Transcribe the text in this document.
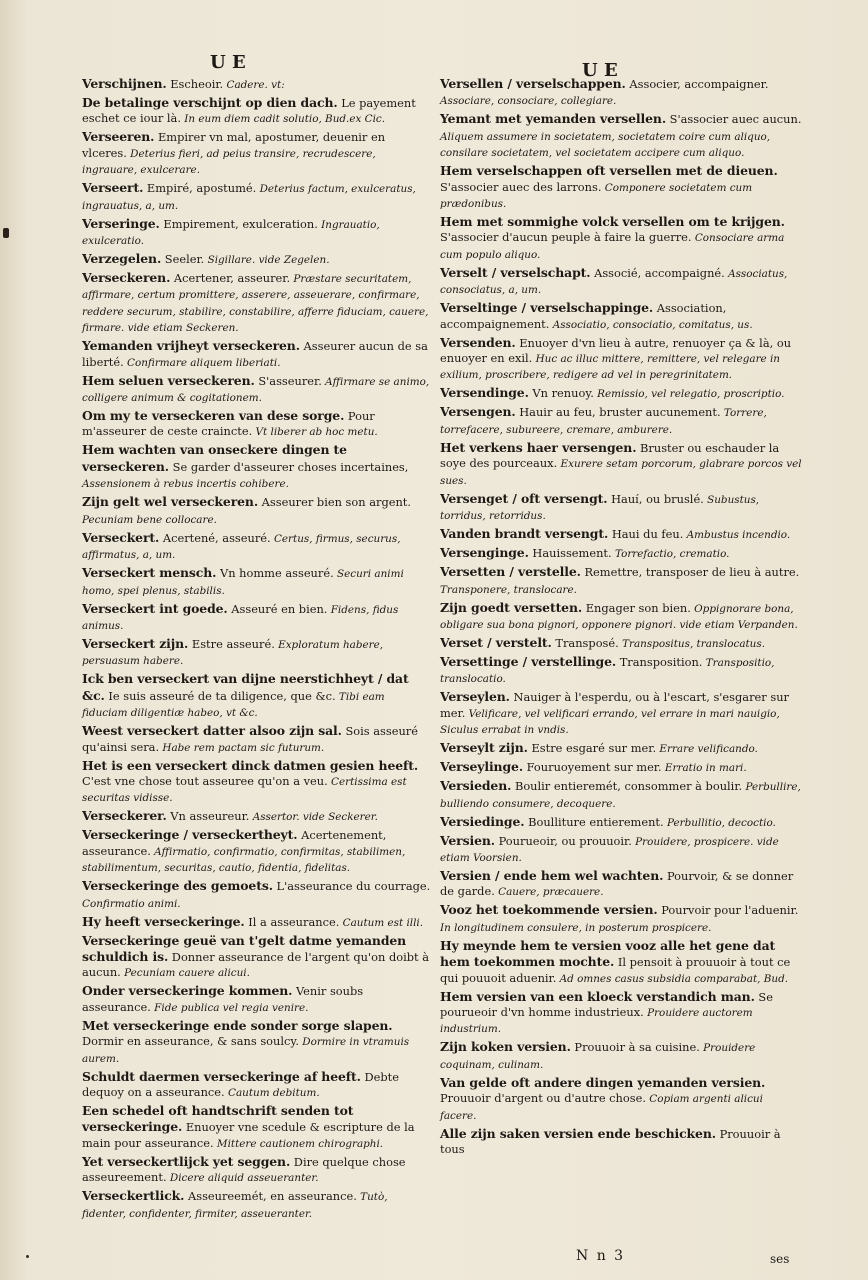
U E	U E

Verschijnen. Escheoir. Cadere. vt:

De betalinge verschijnt op dien dach. Le payement eschet ce iour là. In eum diem cadit solutio, Bud.ex Cic.

Verseeren. Empirer vn mal, apostumer, deuenir en vlceres. Deterius fieri, ad peius transire, recrudescere, ingrauare, exulcerare.

Verseert. Empiré, apostumé. Deterius factum, exulceratus, ingrauatus, a, um.

Verseringe. Empirement, exulceration. Ingrauatio, exulceratio.

Verzegelen. Seeler. Sigillare. vide Zegelen.

Verseckeren. Acertener, asseurer. Præstare securitatem, affirmare, certum promittere, asserere, asseuerare, confirmare, reddere securum, stabilire, constabilire, afferre fiduciam, cauere, firmare. vide etiam Seckeren.

Yemanden vrijheyt verseckeren. Asseurer aucun de sa liberté. Confirmare aliquem liberiati.

Hem seluen verseckeren. S'asseurer. Affirmare se animo, colligere animum & cogitationem.

Om my te verseckeren van dese sorge. Pour m'asseurer de ceste craincte. Vt liberer ab hoc metu.

Hem wachten van onseckere dingen te verseckeren. Se garder d'asseurer choses incertaines, Assensionem à rebus incertis cohibere.

Zijn gelt wel verseckeren. Asseurer bien son argent. Pecuniam bene collocare.

Verseckert. Acertené, asseuré. Certus, firmus, securus, affirmatus, a, um.

Verseckert mensch. Vn homme asseuré. Securi animi homo, spei plenus, stabilis.

Verseckert int goede. Asseuré en bien. Fidens, fidus animus.

Verseckert zijn. Estre asseuré. Exploratum habere, persuasum habere.

Ick ben verseckert van dijne neerstichheyt / dat &c. Ie suis asseuré de ta diligence, que &c. Tibi eam fiduciam diligentiæ habeo, vt &c.

Weest verseckert datter alsoo zijn sal. Sois asseuré qu'ainsi sera. Habe rem pactam sic futurum.

Het is een verseckert dinck datmen gesien heeft. C'est vne chose tout asseuree qu'on a veu. Certissima est securitas vidisse.

Verseckerer. Vn asseureur. Assertor. vide Seckerer.

Verseckeringe / verseckertheyt. Acertenement, asseurance. Affirmatio, confirmatio, confirmitas, stabilimen, stabilimentum, securitas, cautio, fidentia, fidelitas.

Verseckeringe des gemoets. L'asseurance du courrage. Confirmatio animi.

Hy heeft verseckeringe. Il a asseurance. Cautum est illi.

Verseckeringe geuë van t'gelt datme yemanden schuldich is. Donner asseurance de l'argent qu'on doibt à aucun. Pecuniam cauere alicui.

Onder verseckeringe kommen. Venir soubs asseurance. Fide publica vel regia venire.

Met verseckeringe ende sonder sorge slapen. Dormir en asseurance, & sans soulcy. Dormire in vtramuis aurem.

Schuldt daermen verseckeringe af heeft. Debte dequoy on a asseurance. Cautum debitum.

Een schedel oft handtschrift senden tot verseckeringe. Enuoyer vne scedule & escripture de la main pour asseurance. Mittere cautionem chirographi.

Yet verseckertlijck yet seggen. Dire quelque chose asseureement. Dicere aliquid asseueranter.

Verseckertlick. Asseureemét, en asseurance. Tutò, fidenter, confidenter, firmiter, asseueranter.

Versellen / verselschappen. Associer, accompaigner. Associare, consociare, collegiare.

Yemant met yemanden versellen. S'associer auec aucun. Aliquem assumere in societatem, societatem coire cum aliquo, consilare societatem, vel societatem accipere cum aliquo.

Hem verselschappen oft versellen met de dieuen. S'associer auec des larrons. Componere societatem cum prædonibus.

Hem met sommighe volck versellen om te krijgen. S'associer d'aucun peuple à faire la guerre. Consociare arma cum populo aliquo.

Verselt / verselschapt. Associé, accompaigné. Associatus, consociatus, a, um.

Verseltinge / verselschappinge. Association, accompaignement. Associatio, consociatio, comitatus, us.

Versenden. Enuoyer d'vn lieu à autre, renuoyer ça & là, ou enuoyer en exil. Huc ac illuc mittere, remittere, vel relegare in exilium, proscribere, redigere ad vel in peregrinitatem.

Versendinge. Vn renuoy. Remissio, vel relegatio, proscriptio.

Versengen. Hauir au feu, bruster aucunement. Torrere, torrefacere, subureere, cremare, amburere.

Het verkens haer versengen. Bruster ou eschauder la soye des pourceaux. Exurere setam porcorum, glabrare porcos vel sues.

Versenget / oft versengt. Hauí, ou bruslé. Subustus, torridus, retorridus.

Vanden brandt versengt. Haui du feu. Ambustus incendio.

Versenginge. Hauissement. Torrefactio, crematio.

Versetten / verstelle. Remettre, transposer de lieu à autre. Transponere, translocare.

Zijn goedt versetten. Engager son bien. Oppignorare bona, obligare sua bona pignori, opponere pignori. vide etiam Verpanden.

Verset / verstelt. Transposé. Transpositus, translocatus.

Versettinge / verstellinge. Transposition. Transpositio, translocatio.

Verseylen. Nauiger à l'esperdu, ou à l'escart, s'esgarer sur mer. Velificare, vel velificari errando, vel errare in mari nauigio, Siculus errabat in vndis.

Verseylt zijn. Estre esgaré sur mer. Errare velificando.

Verseylinge. Fouruoyement sur mer. Erratio in mari.

Versieden. Boulir entieremét, consommer à boulir. Perbullire, bulliendo consumere, decoquere.

Versiedinge. Boulliture entierement. Perbullitio, decoctio.

Versien. Pourueoir, ou prouuoir. Prouidere, prospicere. vide etiam Voorsien.

Versien / ende hem wel wachten. Pourvoir, & se donner de garde. Cauere, præcauere.

Vooz het toekommende versien. Pourvoir pour l'aduenir. In longitudinem consulere, in posterum prospicere.

Hy meynde hem te versien vooz alle het gene dat hem toekommen mochte. Il pensoit à prouuoir à tout ce qui pouuoit aduenir. Ad omnes casus subsidia comparabat, Bud.

Hem versien van een kloeck verstandich man. Se pourueoir d'vn homme industrieux. Prouidere auctorem industrium.

Zijn koken versien. Prouuoir à sa cuisine. Prouidere coquinam, culinam.

Van gelde oft andere dingen yemanden versien. Prouuoir d'argent ou d'autre chose. Copiam argenti alicui facere.

Alle zijn saken versien ende beschicken. Prouuoir à tous

N n 3	ses
